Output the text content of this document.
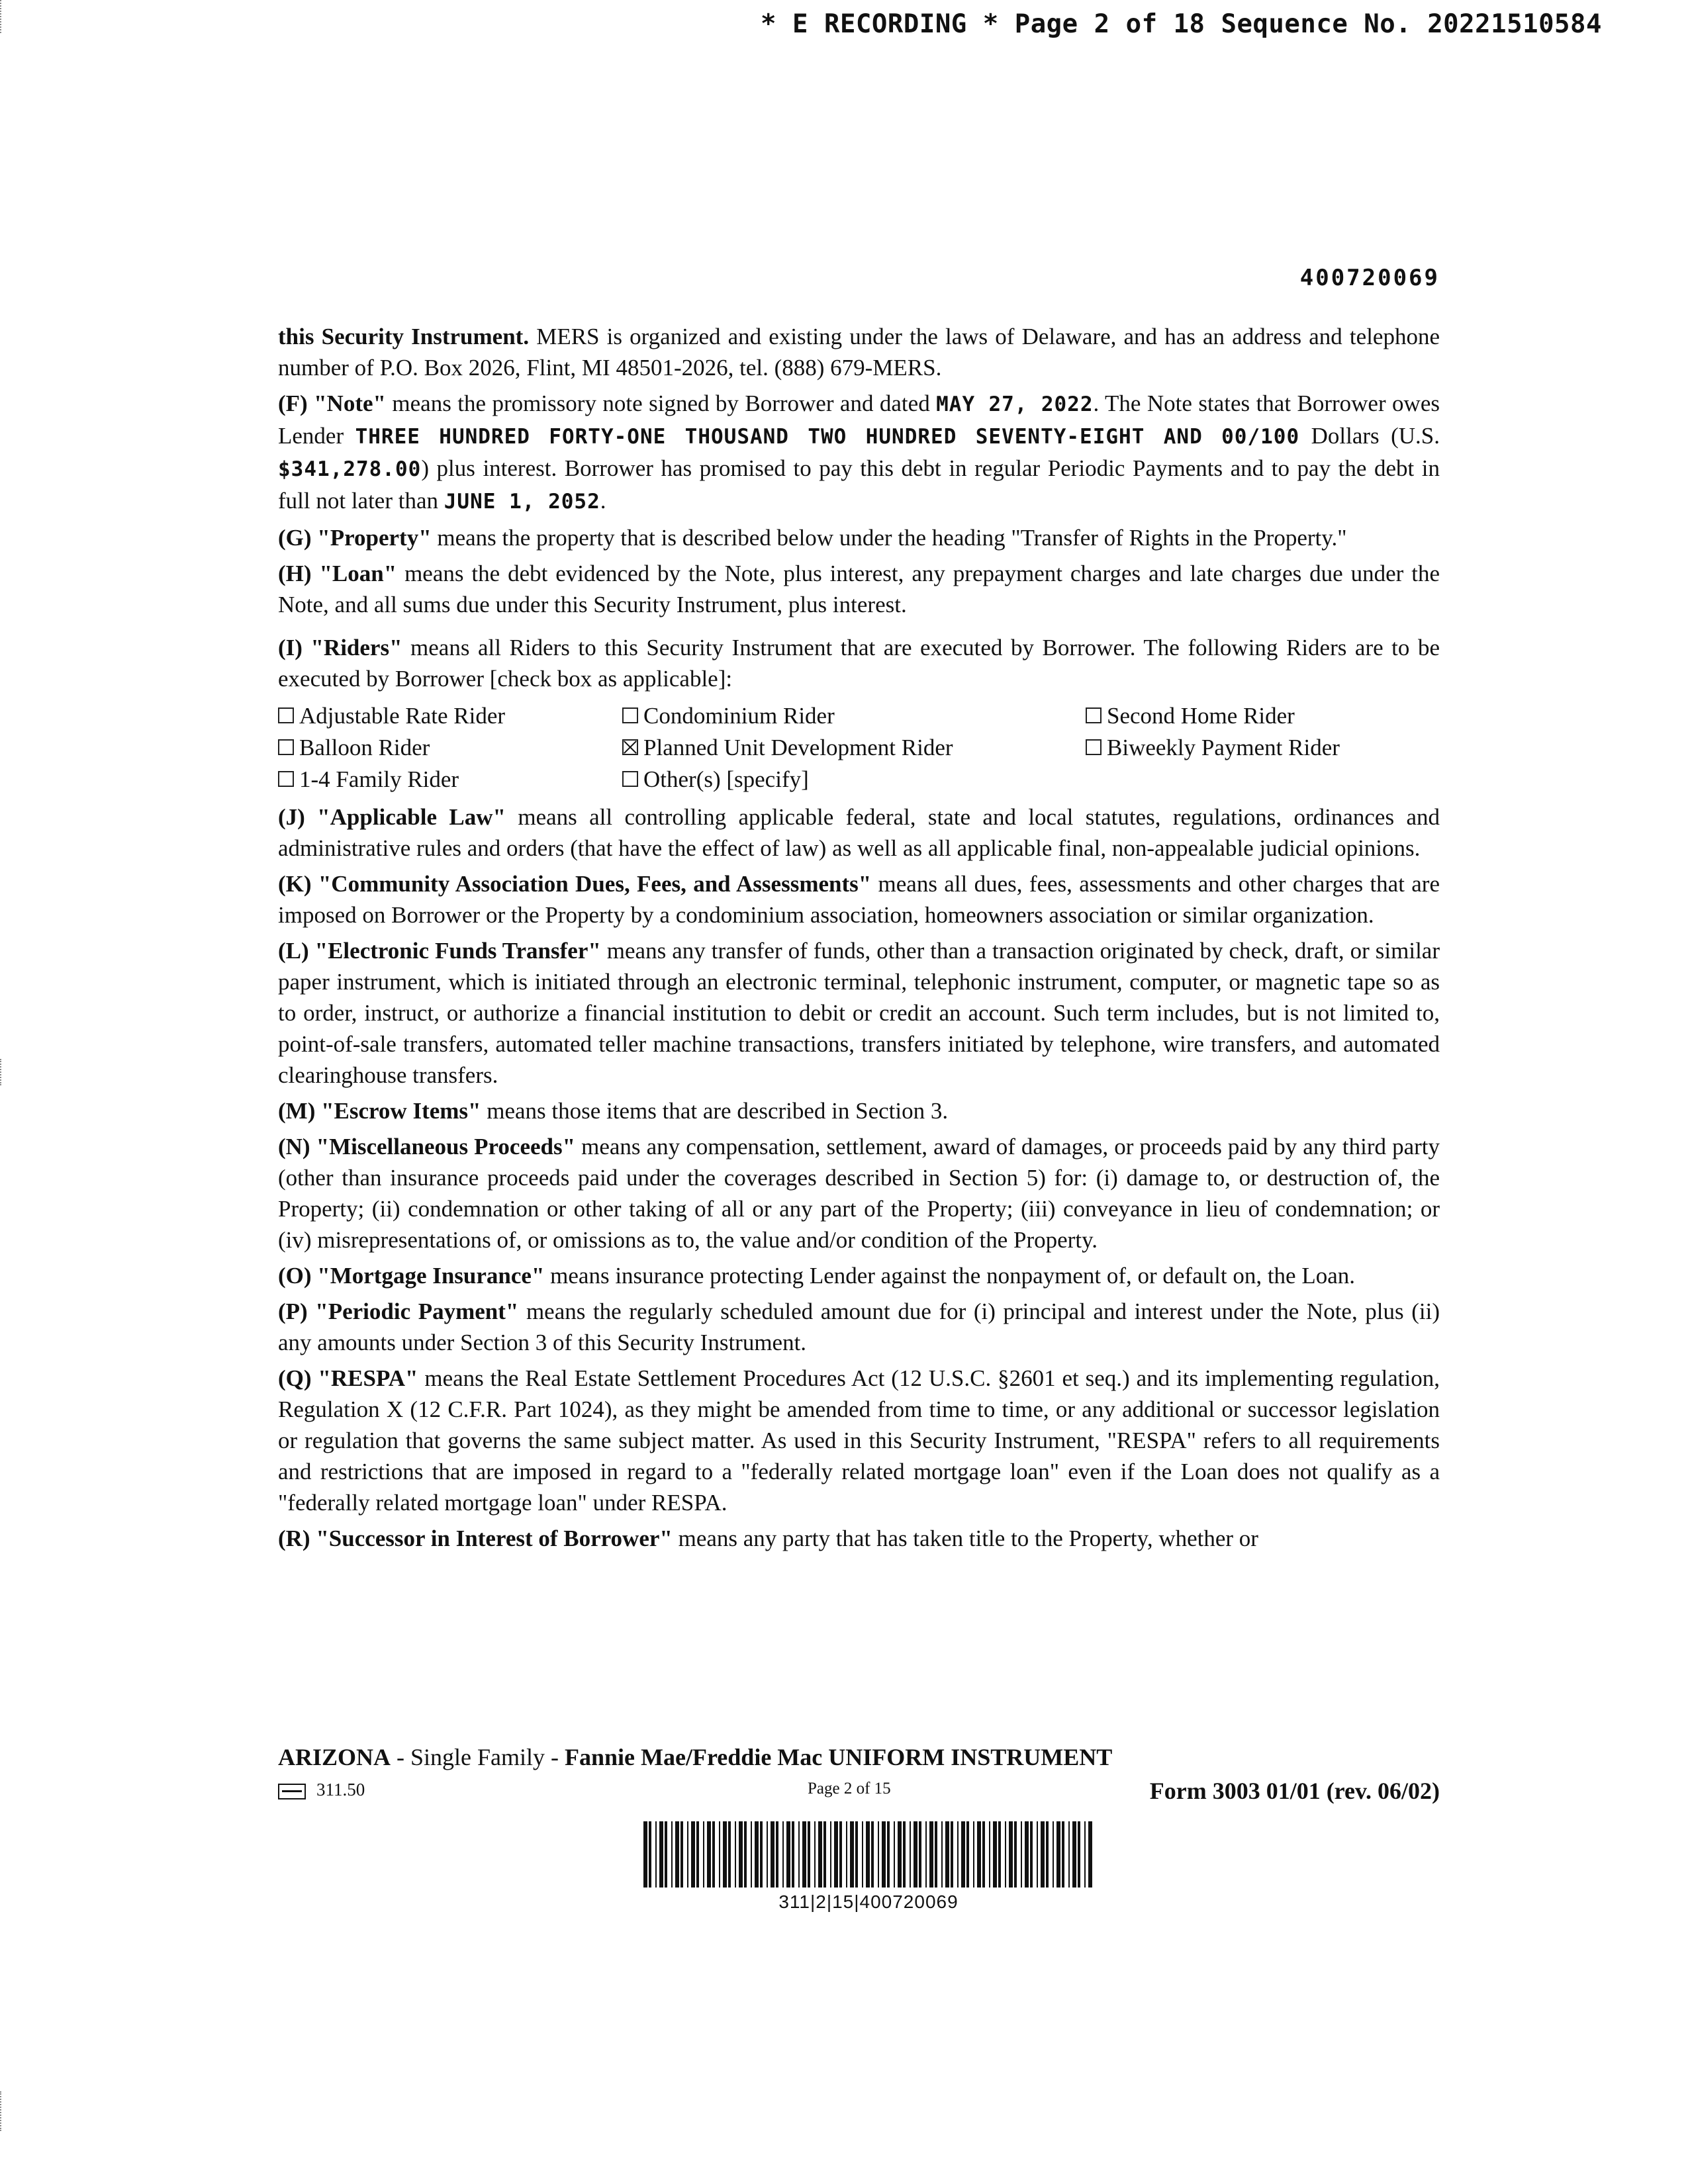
* E RECORDING * Page 2 of 18 Sequence No. 20221510584
400720069

this Security Instrument. MERS is organized and existing under the laws of Delaware, and has an address and telephone number of P.O. Box 2026, Flint, MI 48501-2026, tel. (888) 679-MERS.

(F) "Note" means the promissory note signed by Borrower and dated MAY 27, 2022. The Note states that Borrower owes Lender THREE HUNDRED FORTY-ONE THOUSAND TWO HUNDRED SEVENTY-EIGHT AND 00/100 Dollars (U.S. $341,278.00) plus interest. Borrower has promised to pay this debt in regular Periodic Payments and to pay the debt in full not later than JUNE 1, 2052.

(G) "Property" means the property that is described below under the heading "Transfer of Rights in the Property."

(H) "Loan" means the debt evidenced by the Note, plus interest, any prepayment charges and late charges due under the Note, and all sums due under this Security Instrument, plus interest.

(I) "Riders" means all Riders to this Security Instrument that are executed by Borrower. The following Riders are to be executed by Borrower [check box as applicable]:

Adjustable Rate Rider	Condominium Rider	Second Home Rider
Balloon Rider	Planned Unit Development Rider	Biweekly Payment Rider
1-4 Family Rider	Other(s) [specify]

(J) "Applicable Law" means all controlling applicable federal, state and local statutes, regulations, ordinances and administrative rules and orders (that have the effect of law) as well as all applicable final, non-appealable judicial opinions.

(K) "Community Association Dues, Fees, and Assessments" means all dues, fees, assessments and other charges that are imposed on Borrower or the Property by a condominium association, homeowners association or similar organization.

(L) "Electronic Funds Transfer" means any transfer of funds, other than a transaction originated by check, draft, or similar paper instrument, which is initiated through an electronic terminal, telephonic instrument, computer, or magnetic tape so as to order, instruct, or authorize a financial institution to debit or credit an account. Such term includes, but is not limited to, point-of-sale transfers, automated teller machine transactions, transfers initiated by telephone, wire transfers, and automated clearinghouse transfers.

(M) "Escrow Items" means those items that are described in Section 3.

(N) "Miscellaneous Proceeds" means any compensation, settlement, award of damages, or proceeds paid by any third party (other than insurance proceeds paid under the coverages described in Section 5) for: (i) damage to, or destruction of, the Property; (ii) condemnation or other taking of all or any part of the Property; (iii) conveyance in lieu of condemnation; or (iv) misrepresentations of, or omissions as to, the value and/or condition of the Property.

(O) "Mortgage Insurance" means insurance protecting Lender against the nonpayment of, or default on, the Loan.

(P) "Periodic Payment" means the regularly scheduled amount due for (i) principal and interest under the Note, plus (ii) any amounts under Section 3 of this Security Instrument.

(Q) "RESPA" means the Real Estate Settlement Procedures Act (12 U.S.C. §2601 et seq.) and its implementing regulation, Regulation X (12 C.F.R. Part 1024), as they might be amended from time to time, or any additional or successor legislation or regulation that governs the same subject matter. As used in this Security Instrument, "RESPA" refers to all requirements and restrictions that are imposed in regard to a "federally related mortgage loan" even if the Loan does not qualify as a "federally related mortgage loan" under RESPA.

(R) "Successor in Interest of Borrower" means any party that has taken title to the Property, whether or

ARIZONA - Single Family - Fannie Mae/Freddie Mac UNIFORM INSTRUMENT
311.50	Page 2 of 15	Form 3003 01/01 (rev. 06/02)
311|2|15|400720069
